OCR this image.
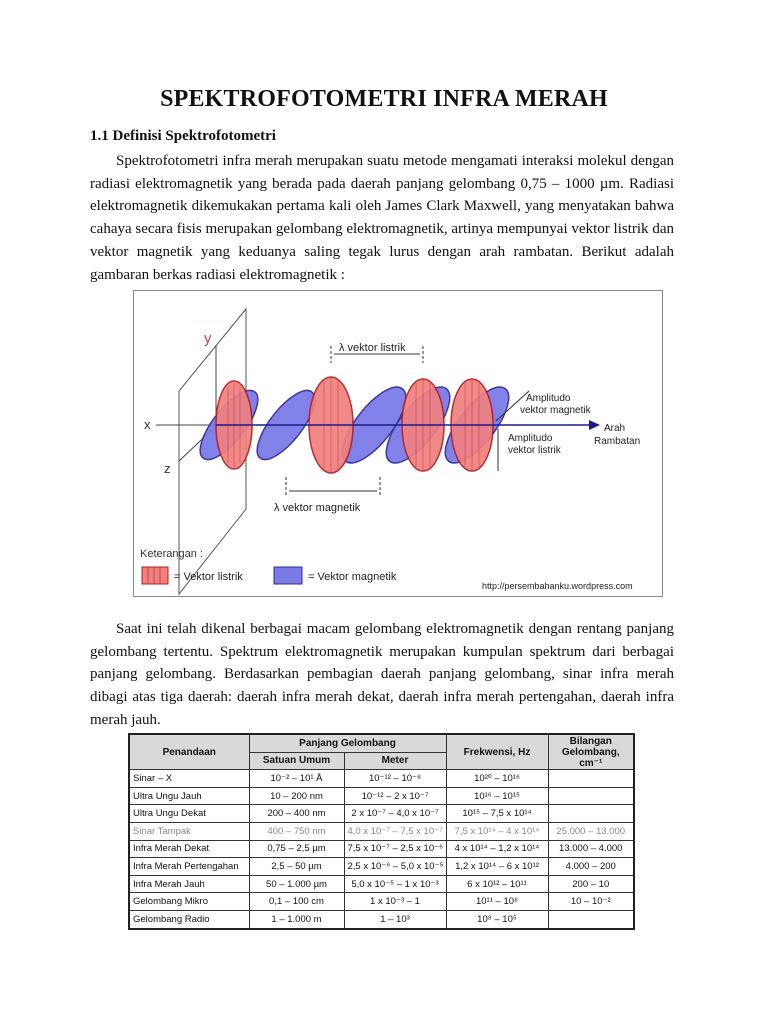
SPEKTROFOTOMETRI INFRA MERAH
1.1 Definisi Spektrofotometri

Spektrofotometri infra merah merupakan suatu metode mengamati interaksi molekul dengan radiasi elektromagnetik yang berada pada daerah panjang gelombang 0,75 – 1000 µm. Radiasi elektromagnetik dikemukakan pertama kali oleh James Clark Maxwell, yang menyatakan bahwa cahaya secara fisis merupakan gelombang elektromagnetik, artinya mempunyai vektor listrik dan vektor magnetik yang keduanya saling tegak lurus dengan arah rambatan. Berikut adalah gambaran berkas radiasi elektromagnetik :

y
z
x	Arah
Rambatan
λ vektor listrik
λ vektor magnetik
Amplitudo
vektor magnetik
Amplitudo
vektor listrik
Keterangan :
= Vektor listrik	= Vektor magnetik
http://persembahanku.wordpress.com

Saat ini telah dikenal berbagai macam gelombang elektromagnetik dengan rentang panjang gelombang tertentu. Spektrum elektromagnetik merupakan kumpulan spektrum dari berbagai panjang gelombang. Berdasarkan pembagian daerah panjang gelombang, sinar infra merah dibagi atas tiga daerah: daerah infra merah dekat, daerah infra merah pertengahan, daerah infra merah jauh.

Penandaan	Panjang Gelombang		Frekwensi, Hz	Bilangan
Gelombang,
cm⁻¹

	Satuan Umum	Meter		
Sinar – X	10⁻² – 10¹ Å	10⁻¹² – 10⁻⁸	10²⁰ – 10¹⁶	
Ultra Ungu Jauh	10 – 200 nm	10⁻¹² – 2 x 10⁻⁷	10¹⁶ – 10¹⁵	
Ultra Ungu Dekat	200 – 400 nm	2 x 10⁻⁷ – 4,0 x 10⁻⁷	10¹⁵ – 7,5 x 10¹⁴	
Sinar Tampak	400 – 750 nm	4,0 x 10⁻⁷ – 7,5 x 10⁻⁷	7,5 x 10¹⁴ – 4 x 10¹⁴	25.000 – 13.000
Infra Merah Dekat	0,75 – 2,5 µm	7,5 x 10⁻⁷ – 2,5 x 10⁻⁶	4 x 10¹⁴ – 1,2 x 10¹⁴	13.000 – 4.000
Infra Merah Pertengahan	2,5 – 50 µm	2,5 x 10⁻⁶ – 5,0 x 10⁻⁵	1,2 x 10¹⁴ – 6 x 10¹²	4.000 – 200
Infra Merah Jauh	50 – 1.000 µm	5,0 x 10⁻⁵ – 1 x 10⁻³	6 x 10¹² – 10¹¹	200 – 10
Gelombang Mikro	0,1 – 100 cm	1 x 10⁻³ – 1	10¹¹ – 10⁸	10 – 10⁻²
Gelombang Radio	1 – 1.000 m	1 – 10³	10⁸ – 10⁵	
